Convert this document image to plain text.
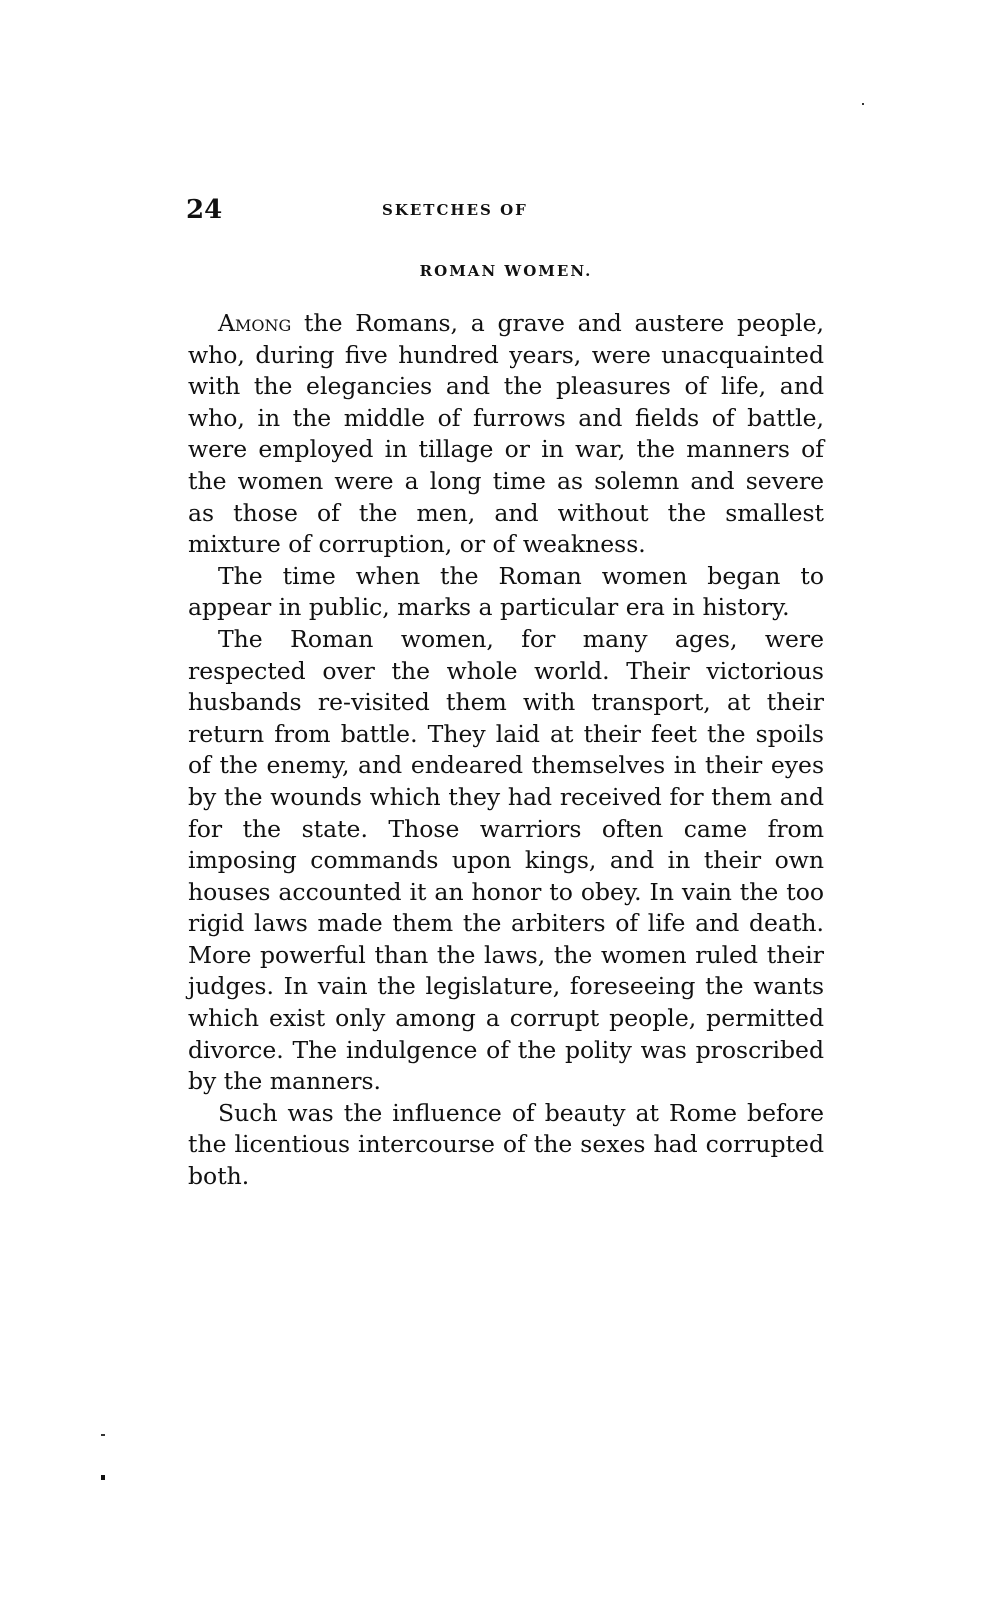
24	SKETCHES OF
ROMAN WOMEN.

Among the Romans, a grave and austere people, who, during five hundred years, were unacquainted with the elegancies and the pleasures of life, and who, in the middle of furrows and fields of battle, were employed in tillage or in war, the manners of the women were a long time as solemn and severe as those of the men, and without the smallest mixture of corruption, or of weakness.

The time when the Roman women began to appear in public, marks a particular era in history.

The Roman women, for many ages, were respected over the whole world. Their victorious husbands re-visited them with transport, at their return from battle. They laid at their feet the spoils of the enemy, and endeared themselves in their eyes by the wounds which they had received for them and for the state. Those warriors often came from imposing commands upon kings, and in their own houses accounted it an honor to obey. In vain the too rigid laws made them the arbiters of life and death. More powerful than the laws, the women ruled their judges. In vain the legislature, foreseeing the wants which exist only among a corrupt people, permitted divorce. The indulgence of the polity was proscribed by the manners.

Such was the influence of beauty at Rome before the licentious intercourse of the sexes had corrupted both.
